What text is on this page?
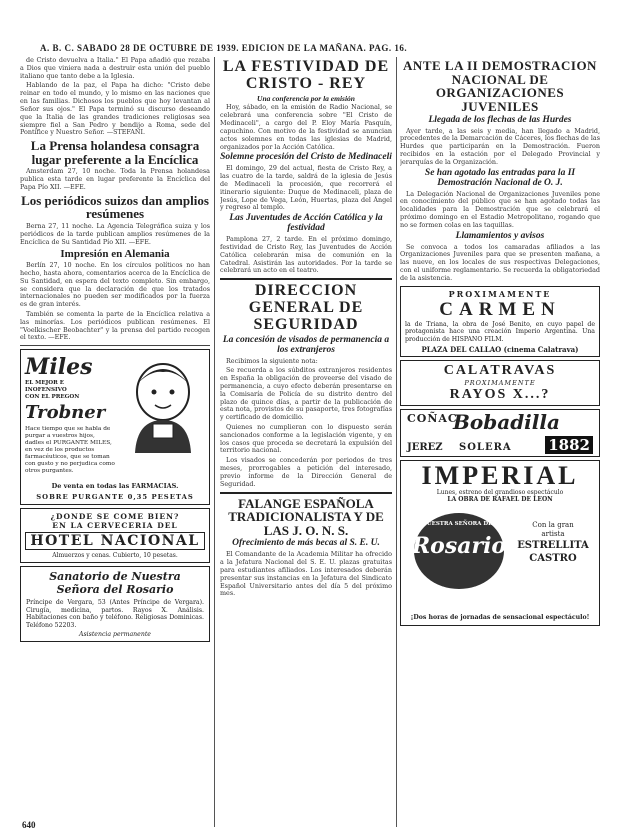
A. B. C. SABADO 28 DE OCTUBRE DE 1939. EDICION DE LA MAÑANA. PAG. 16.

de Cristo devuelva a Italia." El Papa añadió que rezaba a Dios que viniera nada a destruir esta unión del pueblo italiano que tanto debe a la Iglesia.

Hablando de la paz, el Papa ha dicho: "Cristo debe reinar en todo el mundo, y lo mismo en las naciones que en las familias. Dichosos los pueblos que hoy levantan al Señor sus ojos." El Papa terminó su discurso deseando que la Italia de las grandes tradiciones religiosas sea siempre fiel a San Pedro y bendijo a Roma, sede del Pontífice y Nuestro Señor. —STEFANI.

La Prensa holandesa consagra lugar preferente a la Encíclica

Amsterdam 27, 10 noche. Toda la Prensa holandesa publica esta tarde en lugar preferente la Encíclica del Papa Pío XII. —EFE.

Los periódicos suizos dan amplios resúmenes

Berna 27, 11 noche. La Agencia Telegráfica suiza y los periódicos de la tarde publican amplios resúmenes de la Encíclica de Su Santidad Pío XII. —EFE.

Impresión en Alemania

Berlín 27, 10 noche. En los círculos políticos no han hecho, hasta ahora, comentarios acerca de la Encíclica de Su Santidad, en espera del texto completo. Sin embargo, se considera que la declaración de que los tratados internacionales no pueden ser modificados por la fuerza es de gran interés.

También se comenta la parte de la Encíclica relativa a las minorías. Los periódicos publican resúmenes. El "Voelkischer Beobachter" y la prensa del partido recogen el texto. —EFE.

Miles
EL MEJOR E
INOFENSIVO
CON EL PREGON
Trobner
Hace tiempo que se habla de purgar a vuestros hijos, dadles el PURGANTE MILES, en vez de los productos farmacéuticos, que se toman con gusto y no perjudica como otros purgantes.
De venta en todas las FARMACIAS.
SOBRE PURGANTE 0,35 PESETAS
¿DONDE SE COME BIEN?
EN LA CERVECERIA DEL
HOTEL NACIONAL
Almuerzos y cenas. Cubierto, 10 pesetas.
Sanatorio de Nuestra
Señora del Rosario
Príncipe de Vergara, 53 (Antes Príncipe de Vergara). Cirugía, medicina, partos. Rayos X. Análisis. Habitaciones con baño y teléfono. Religiosas Dominicas. Teléfono 52203.
Asistencia permanente
LA FESTIVIDAD DE CRISTO - REY
Una conferencia por la emisión

Hoy, sábado, en la emisión de Radio Nacional, se celebrará una conferencia sobre "El Cristo de Medinaceli", a cargo del P. Eloy María Pasquín, capuchino. Con motivo de la festividad se anuncian actos solemnes en todas las iglesias de Madrid, organizados por la Acción Católica.

Solemne procesión del Cristo de Medinaceli

El domingo, 29 del actual, fiesta de Cristo Rey, a las cuatro de la tarde, saldrá de la iglesia de Jesús de Medinaceli la procesión, que recorrerá el itinerario siguiente: Duque de Medinaceli, plaza de Jesús, Lope de Vega, León, Huertas, plaza del Ángel y regreso al templo.

Las Juventudes de Acción Católica y la festividad

Pamplona 27, 2 tarde. En el próximo domingo, festividad de Cristo Rey, las Juventudes de Acción Católica celebrarán misa de comunión en la Catedral. Asistirán las autoridades. Por la tarde se celebrará un acto en el teatro.

DIRECCION GENERAL DE SEGURIDAD
La concesión de visados de permanencia a los extranjeros

Recibimos la siguiente nota:

Se recuerda a los súbditos extranjeros residentes en España la obligación de proveerse del visado de permanencia, a cuyo efecto deberán presentarse en la Comisaría de Policía de su distrito dentro del plazo de quince días, a partir de la publicación de esta nota, provistos de su pasaporte, tres fotografías y certificado de domicilio.

Quienes no cumplieran con lo dispuesto serán sancionados conforme a la legislación vigente, y en los casos que proceda se decretará la expulsión del territorio nacional.

Los visados se concederán por periodos de tres meses, prorrogables a petición del interesado, previo informe de la Dirección General de Seguridad.

FALANGE ESPAÑOLA TRADICIONALISTA Y DE LAS J. O. N. S.
Ofrecimiento de más becas al S. E. U.

El Comandante de la Academia Militar ha ofrecido a la Jefatura Nacional del S. E. U. plazas gratuitas para estudiantes afiliados. Los interesados deberán presentar sus instancias en la Jefatura del Sindicato Español Universitario antes del día 5 del próximo mes.

ANTE LA II DEMOSTRACION NACIONAL DE ORGANIZACIONES JUVENILES
Llegada de los flechas de las Hurdes

Ayer tarde, a las seis y media, han llegado a Madrid, procedentes de la Demarcación de Cáceres, los flechas de las Hurdes que participarán en la Demostración. Fueron recibidos en la estación por el Delegado Provincial y jerarquías de la Organización.

Se han agotado las entradas para la II Demostración Nacional de O. J.

La Delegación Nacional de Organizaciones Juveniles pone en conocimiento del público que se han agotado todas las localidades para la Demostración que se celebrará el próximo domingo en el Estadio Metropolitano, rogando que no se formen colas en las taquillas.

Llamamientos y avisos

Se convoca a todos los camaradas afiliados a las Organizaciones Juveniles para que se presenten mañana, a las nueve, en los locales de sus respectivas Delegaciones, con el uniforme reglamentario. Se recuerda la obligatoriedad de la asistencia.

PROXIMAMENTE
CARMEN
la de Triana, la obra de José Benito, en cuyo papel de protagonista hace una creación Imperio Argentina. Una producción de HISPANO FILM.
PLAZA DEL CALLAO (cinema Calatrava)
CALATRAVAS
PROXIMAMENTE
RAYOS X...?
COÑAC
Bobadilla
JEREZ SOLERA 1882
IMPERIAL
Lunes, estreno del grandioso espectáculo
LA OBRA DE RAFAEL DE LEON
NUESTRA SEÑORA DEL
Rosario
Con la gran
artista
ESTRELLITA
CASTRO
¡Dos horas de jornadas de sensacional espectáculo!
640
